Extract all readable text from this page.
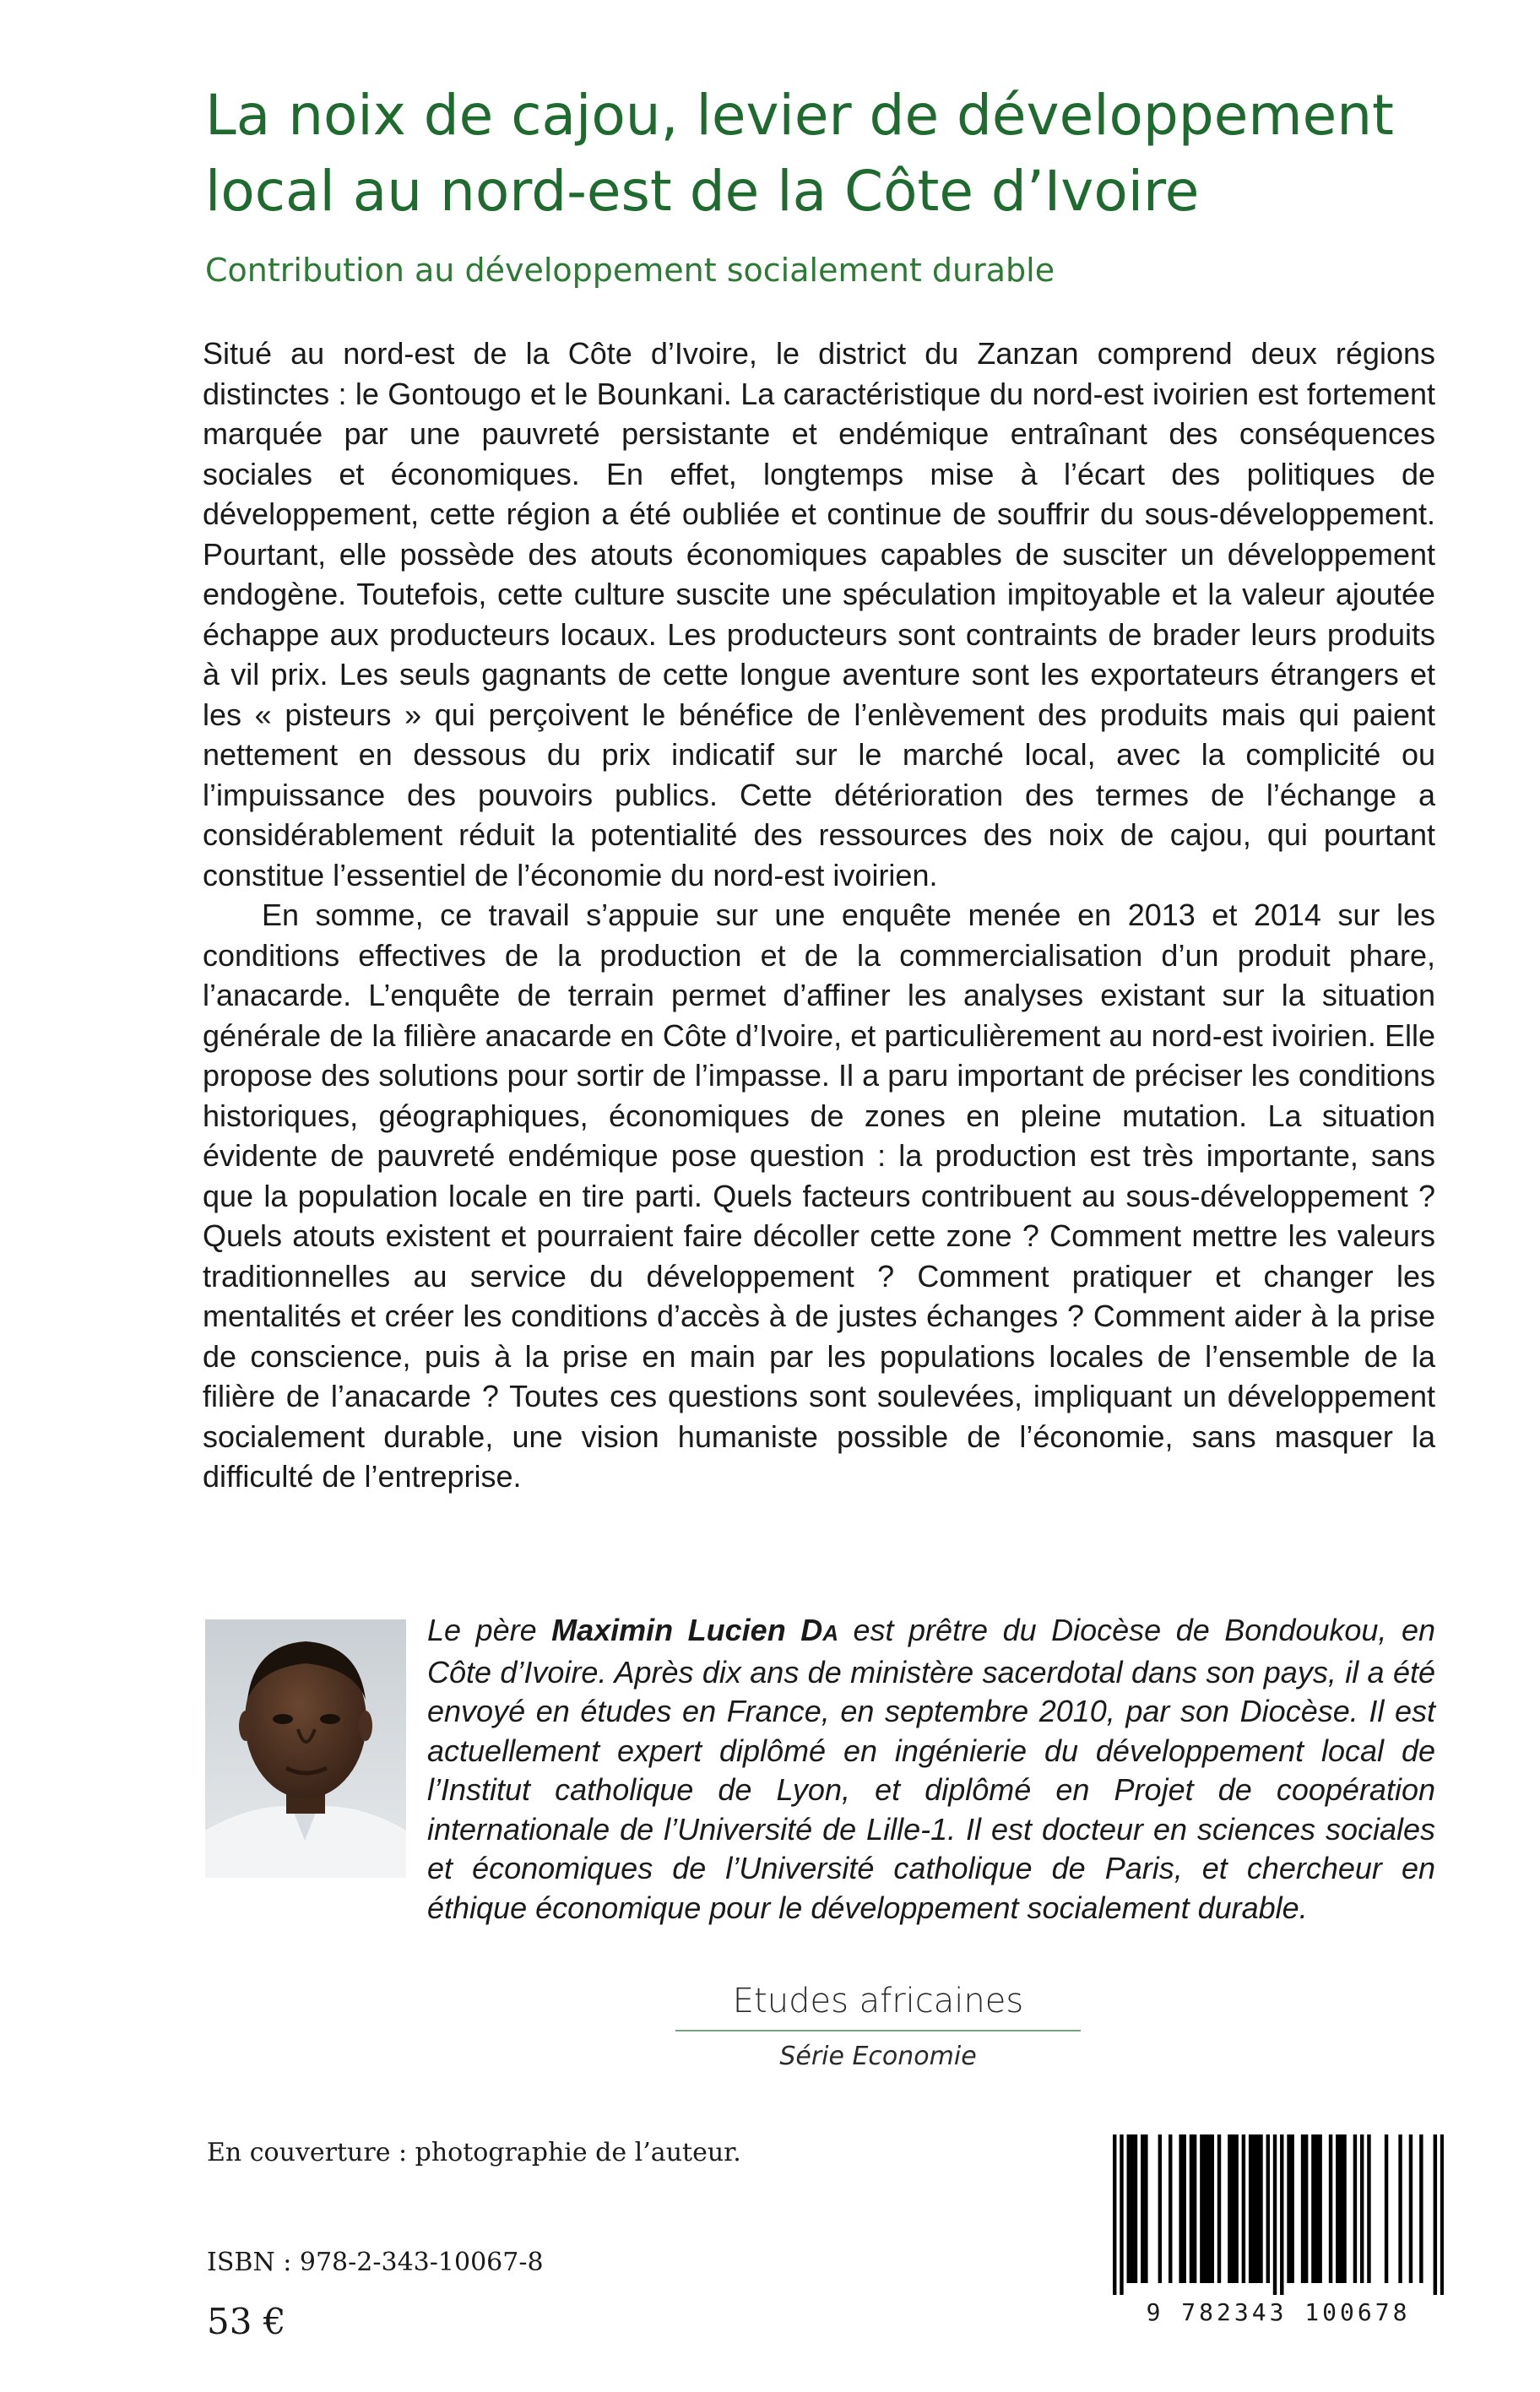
La noix de cajou, levier de développement local au nord-est de la Côte d’Ivoire
Contribution au développement socialement durable

Situé au nord-est de la Côte d’Ivoire, le district du Zanzan comprend deux régions distinctes : le Gontougo et le Bounkani. La caractéristique du nord-est ivoirien est fortement marquée par une pauvreté persistante et endémique entraînant des conséquences sociales et économiques. En effet, longtemps mise à l’écart des politiques de développement, cette région a été oubliée et continue de souffrir du sous-développement. Pourtant, elle possède des atouts économiques capables de susciter un développement endogène. Toutefois, cette culture suscite une spéculation impitoyable et la valeur ajoutée échappe aux producteurs locaux. Les producteurs sont contraints de brader leurs produits à vil prix. Les seuls gagnants de cette longue aventure sont les exportateurs étrangers et les « pisteurs » qui perçoivent le bénéfice de l’enlèvement des produits mais qui paient nettement en dessous du prix indicatif sur le marché local, avec la complicité ou l’impuissance des pouvoirs publics. Cette détérioration des termes de l’échange a considérablement réduit la potentialité des ressources des noix de cajou, qui pourtant constitue l’essentiel de l’économie du nord-est ivoirien.

En somme, ce travail s’appuie sur une enquête menée en 2013 et 2014 sur les conditions effectives de la production et de la commercialisation d’un produit phare, l’anacarde. L’enquête de terrain permet d’affiner les analyses existant sur la situation générale de la filière anacarde en Côte d’Ivoire, et particulièrement au nord-est ivoirien. Elle propose des solutions pour sortir de l’impasse. Il a paru important de préciser les conditions historiques, géographiques, économiques de zones en pleine mutation. La situation évidente de pauvreté endémique pose question : la production est très importante, sans que la population locale en tire parti. Quels facteurs contribuent au sous-développement ? Quels atouts existent et pourraient faire décoller cette zone ? Comment mettre les valeurs traditionnelles au service du développement ? Comment pratiquer et changer les mentalités et créer les conditions d’accès à de justes échanges ? Comment aider à la prise de conscience, puis à la prise en main par les populations locales de l’ensemble de la filière de l’anacarde ? Toutes ces questions sont soulevées, impliquant un développement socialement durable, une vision humaniste possible de l’économie, sans masquer la difficulté de l’entreprise.

Le père Maximin Lucien DA est prêtre du Diocèse de Bondoukou, en Côte d’Ivoire. Après dix ans de ministère sacerdotal dans son pays, il a été envoyé en études en France, en septembre 2010, par son Diocèse. Il est actuellement expert diplômé en ingénierie du développement local de l’Institut catholique de Lyon, et diplômé en Projet de coopération internationale de l’Université de Lille-1. Il est docteur en sciences sociales et économiques de l’Université catholique de Paris, et chercheur en éthique économique pour le développement socialement durable.

Etudes africaines
Série Economie

En couverture : photographie de l’auteur.

ISBN : 978-2-343-10067-8

53 €	9 782343 100678
